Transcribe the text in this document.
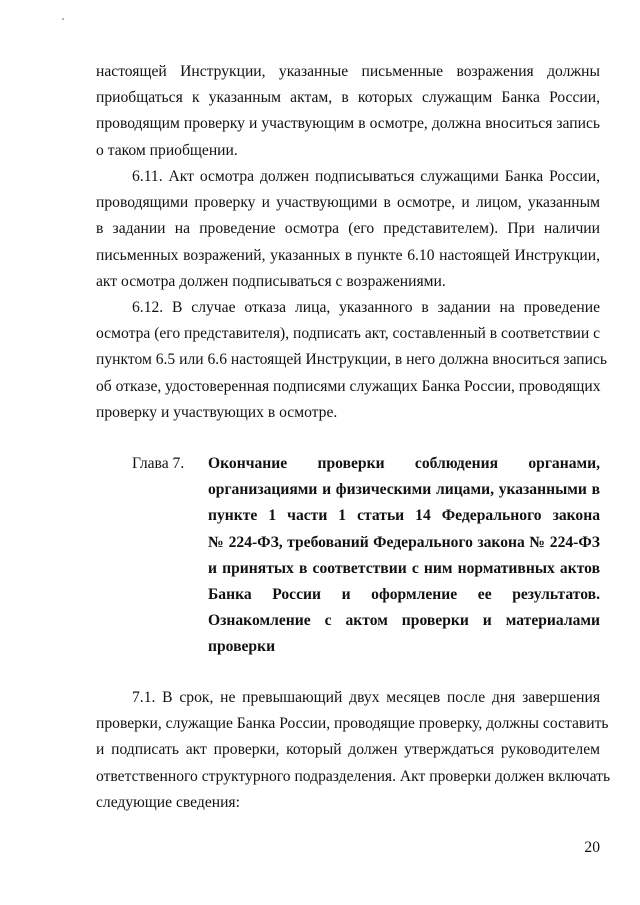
настоящей Инструкции, указанные письменные возражения должны
приобщаться к указанным актам, в которых служащим Банка России,
проводящим проверку и участвующим в осмотре, должна вноситься запись
о таком приобщении.

6.11. Акт осмотра должен подписываться служащими Банка России,
проводящими проверку и участвующими в осмотре, и лицом, указанным
в задании на проведение осмотра (его представителем). При наличии
письменных возражений, указанных в пункте 6.10 настоящей Инструкции,
акт осмотра должен подписываться с возражениями.

6.12. В случае отказа лица, указанного в задании на проведение
осмотра (его представителя), подписать акт, составленный в соответствии с
пунктом 6.5 или 6.6 настоящей Инструкции, в него должна вноситься запись
об отказе, удостоверенная подписями служащих Банка России, проводящих
проверку и участвующих в осмотре.

Глава 7. Окончание проверки соблюдения органами,
организациями и физическими лицами, указанными в
пункте 1 части 1 статьи 14 Федерального закона
№ 224-ФЗ, требований Федерального закона № 224-ФЗ
и принятых в соответствии с ним нормативных актов
Банка России и оформление ее результатов.
Ознакомление с актом проверки и материалами
проверки

7.1. В срок, не превышающий двух месяцев после дня завершения
проверки, служащие Банка России, проводящие проверку, должны составить
и подписать акт проверки, который должен утверждаться руководителем
ответственного структурного подразделения. Акт проверки должен включать
следующие сведения:

20
